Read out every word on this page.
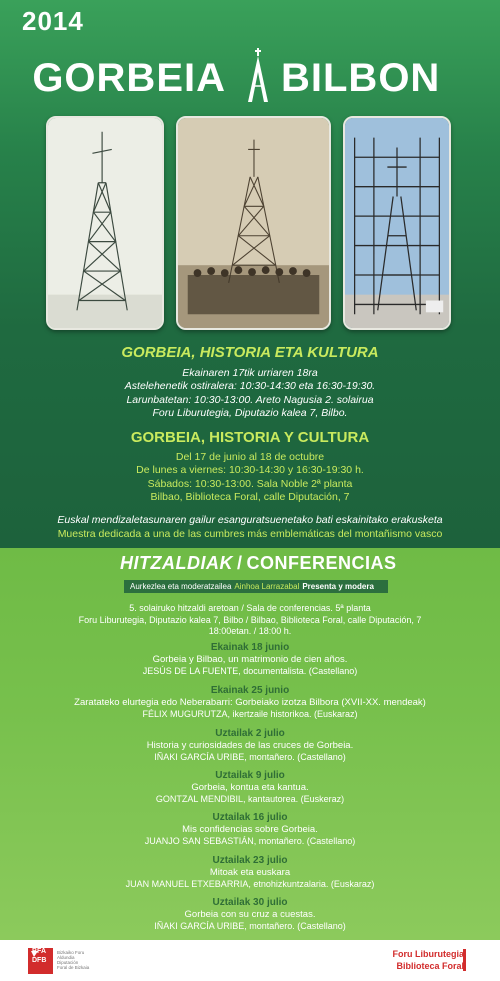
2014
GORBEIA BILBON
GORBEIA, HISTORIA ETA KULTURA
Ekainaren 17tik urriaren 18ra
Astelehenetik ostiralera: 10:30-14:30 eta 16:30-19:30.
Larunbatetan: 10:30-13:00. Areto Nagusia 2. solairua
Foru Liburutegia, Diputazio kalea 7, Bilbo.
GORBEIA, HISTORIA Y CULTURA
Del 17 de junio al 18 de octubre
De lunes a viernes: 10:30-14:30 y 16:30-19:30 h.
Sábados: 10:30-13:00. Sala Noble 2ª planta
Bilbao, Biblioteca Foral, calle Diputación, 7
Euskal mendizaletasunaren gailur esanguratsuenetako bati eskainitako erakusketa
Muestra dedicada a una de las cumbres más emblemáticas del montañismo vasco
HITZALDIAK / CONFERENCIAS
Aurkezlea eta moderatzailea Ainhoa Larrazabal Presenta y modera
5. solairuko hitzaldi aretoan / Sala de conferencias. 5ª planta
Foru Liburutegia, Diputazio kalea 7, Bilbo / Bilbao, Biblioteca Foral, calle Diputación, 7
18:00etan. / 18:00 h.
Ekainak 18 junio
Gorbeia y Bilbao, un matrimonio de cien años.
JESÚS DE LA FUENTE, documentalista. (Castellano)
Ekainak 25 junio
Zaratateko elurtegia edo Neberabarri: Gorbeiako izotza Bilbora (XVII-XX. mendeak)
FÉLIX MUGURUTZA, ikertzaile historikoa. (Euskaraz)
Uztailak 2 julio
Historia y curiosidades de las cruces de Gorbeia.
IÑAKI GARCÍA URIBE, montañero. (Castellano)
Uztailak 9 julio
Gorbeia, kontua eta kantua.
GONTZAL MENDIBIL, kantautorea. (Euskeraz)
Uztailak 16 julio
Mis confidencias sobre Gorbeia.
JUANJO SAN SEBASTIÁN, montañero. (Castellano)
Uztailak 23 julio
Mitoak eta euskara
JUAN MANUEL ETXEBARRIA, etnohizkuntzalaria. (Euskaraz)
Uztailak 30 julio
Gorbeia con su cruz a cuestas.
IÑAKI GARCÍA URIBE, montañero. (Castellano)
BFA
DFB
Bizkaiko Foru
Aldundia
Diputación
Foral de Bizkaia
Foru Liburutegia
Biblioteca Foral
